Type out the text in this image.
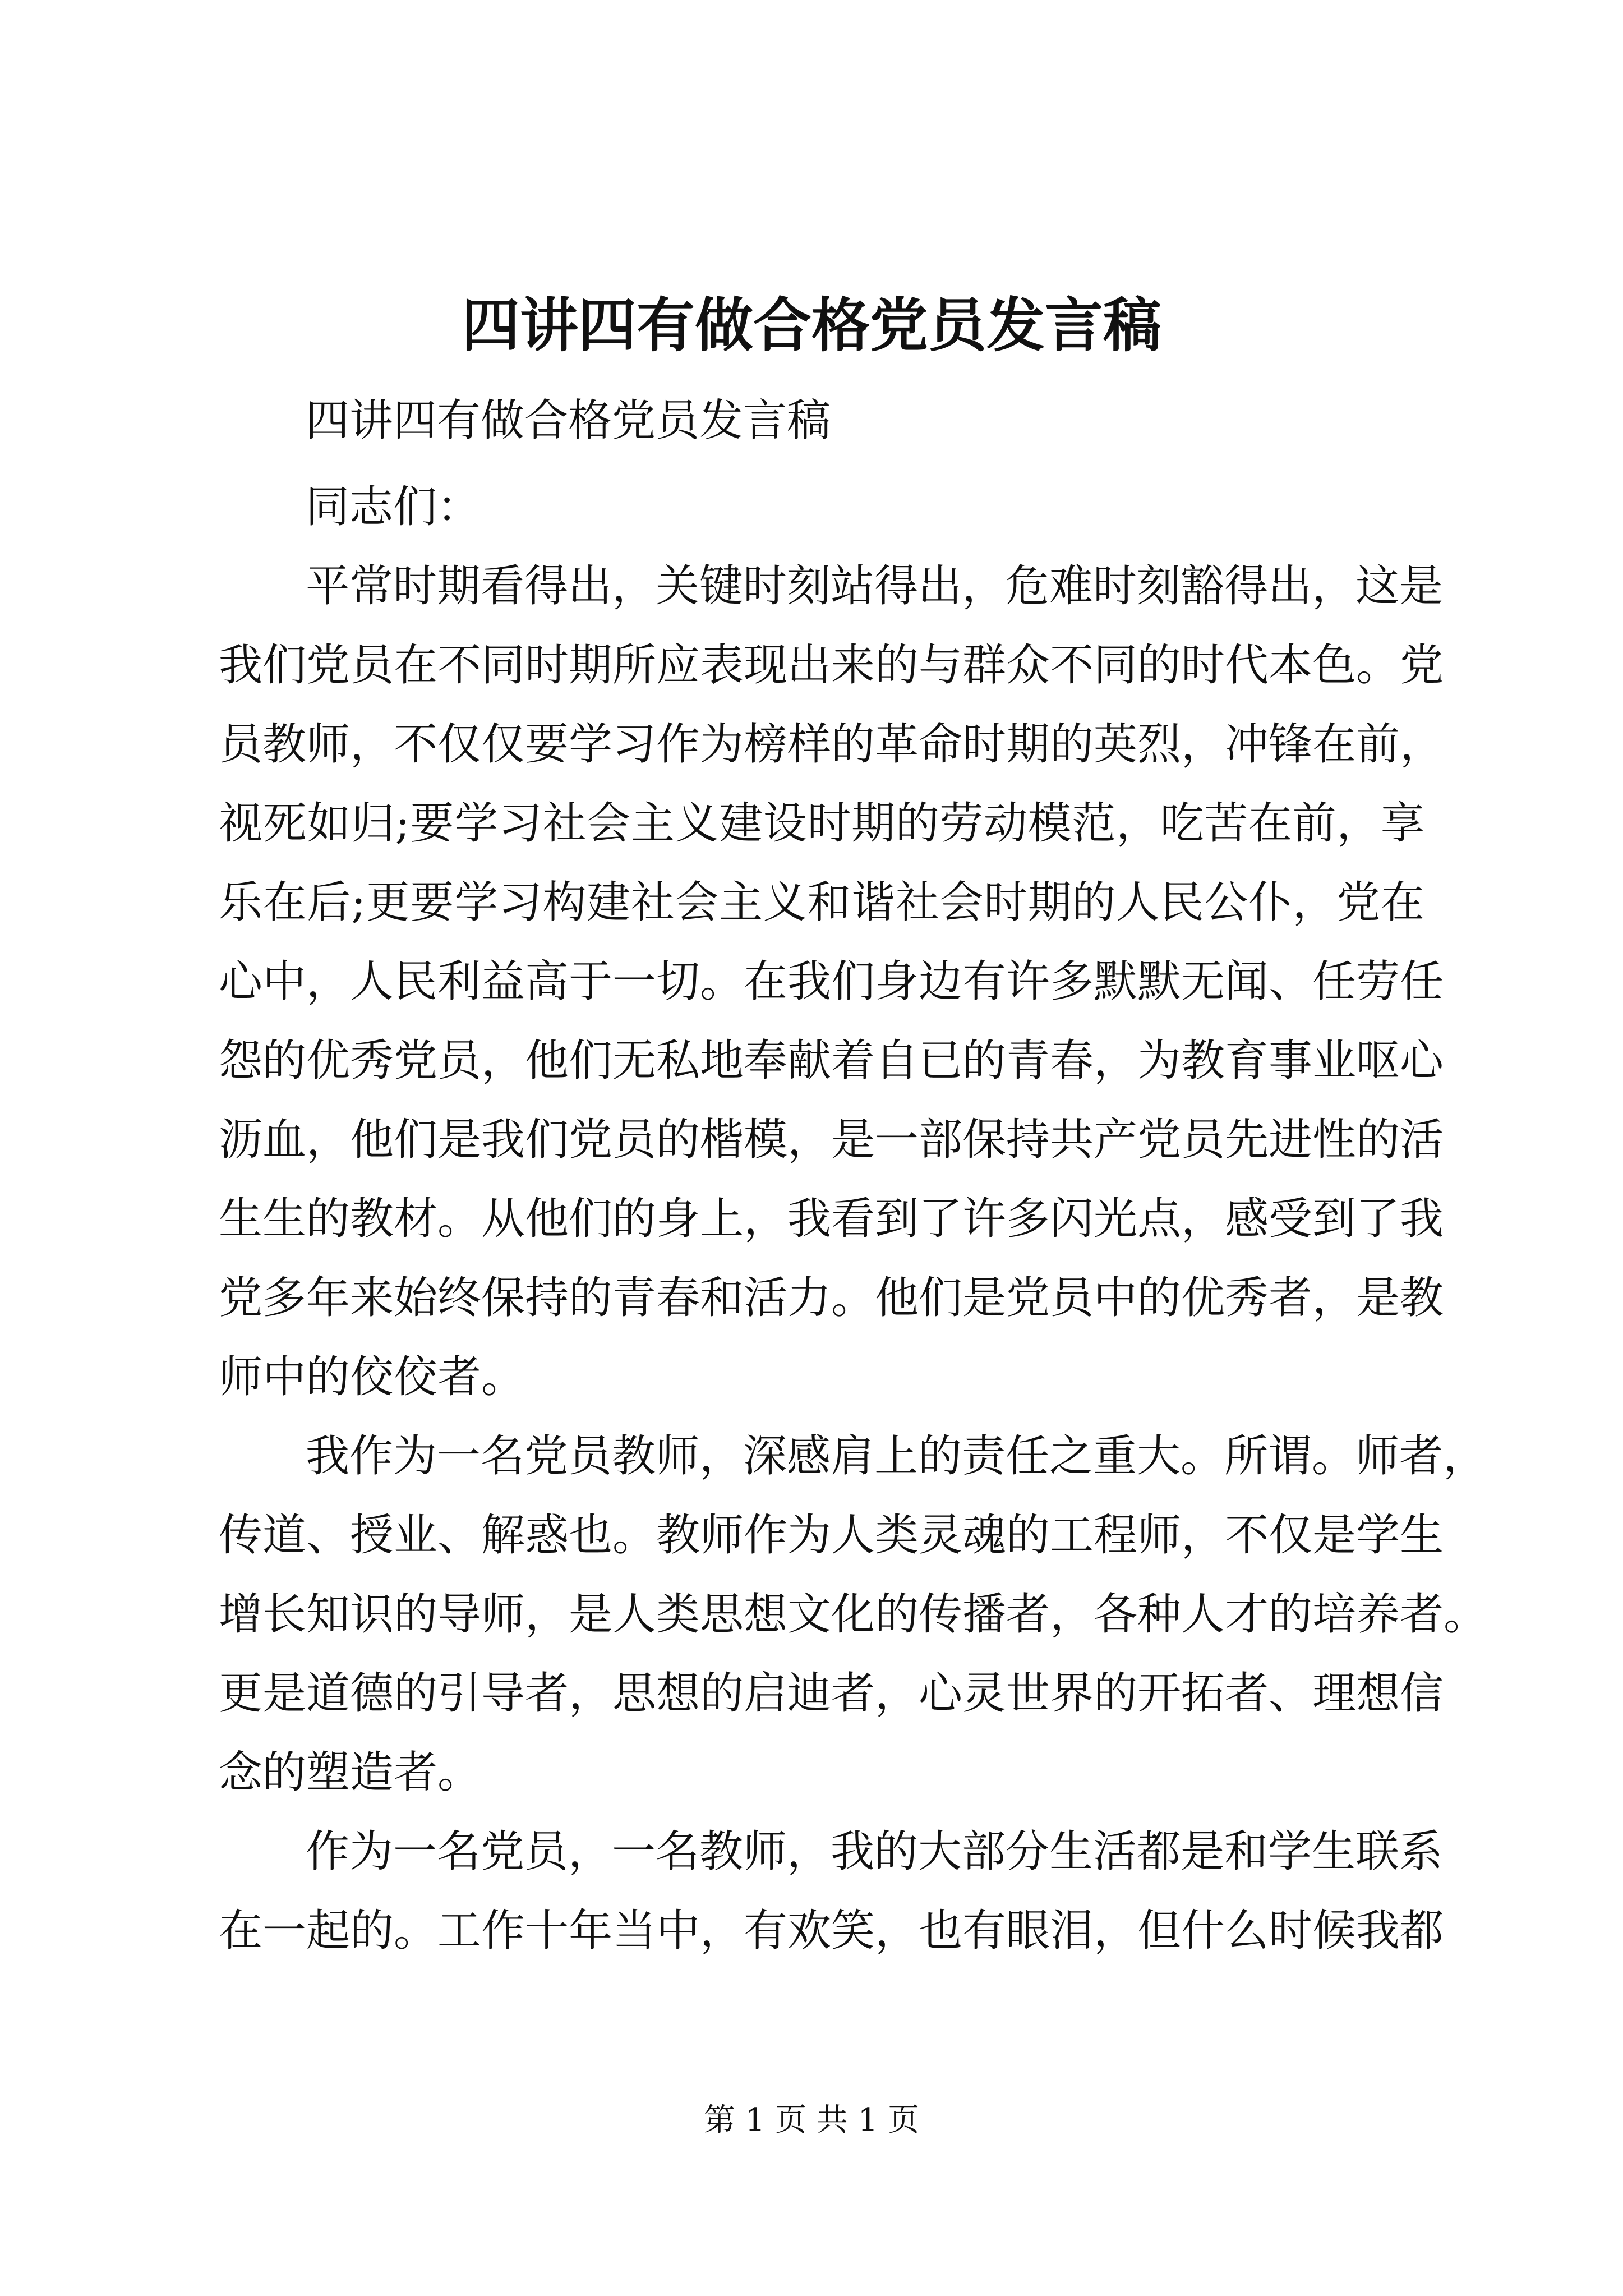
四讲四有做合格党员发言稿
四讲四有做合格党员发言稿
同志们：
平常时期看得出，关键时刻站得出，危难时刻豁得出，这是
我们党员在不同时期所应表现出来的与群众不同的时代本色。党
员教师，不仅仅要学习作为榜样的革命时期的英烈，冲锋在前，
视死如归;要学习社会主义建设时期的劳动模范，吃苦在前，享
乐在后;更要学习构建社会主义和谐社会时期的人民公仆，党在
心中，人民利益高于一切。在我们身边有许多默默无闻、任劳任
怨的优秀党员，他们无私地奉献着自已的青春，为教育事业呕心
沥血，他们是我们党员的楷模，是一部保持共产党员先进性的活
生生的教材。从他们的身上，我看到了许多闪光点，感受到了我
党多年来始终保持的青春和活力。他们是党员中的优秀者，是教
师中的佼佼者。
我作为一名党员教师，深感肩上的责任之重大。所谓。师者，
传道、授业、解惑也。教师作为人类灵魂的工程师，不仅是学生
增长知识的导师，是人类思想文化的传播者，各种人才的培养者。
更是道德的引导者，思想的启迪者，心灵世界的开拓者、理想信
念的塑造者。
作为一名党员，一名教师，我的大部分生活都是和学生联系
在一起的。工作十年当中，有欢笑，也有眼泪，但什么时候我都
第 1 页 共 1 页
